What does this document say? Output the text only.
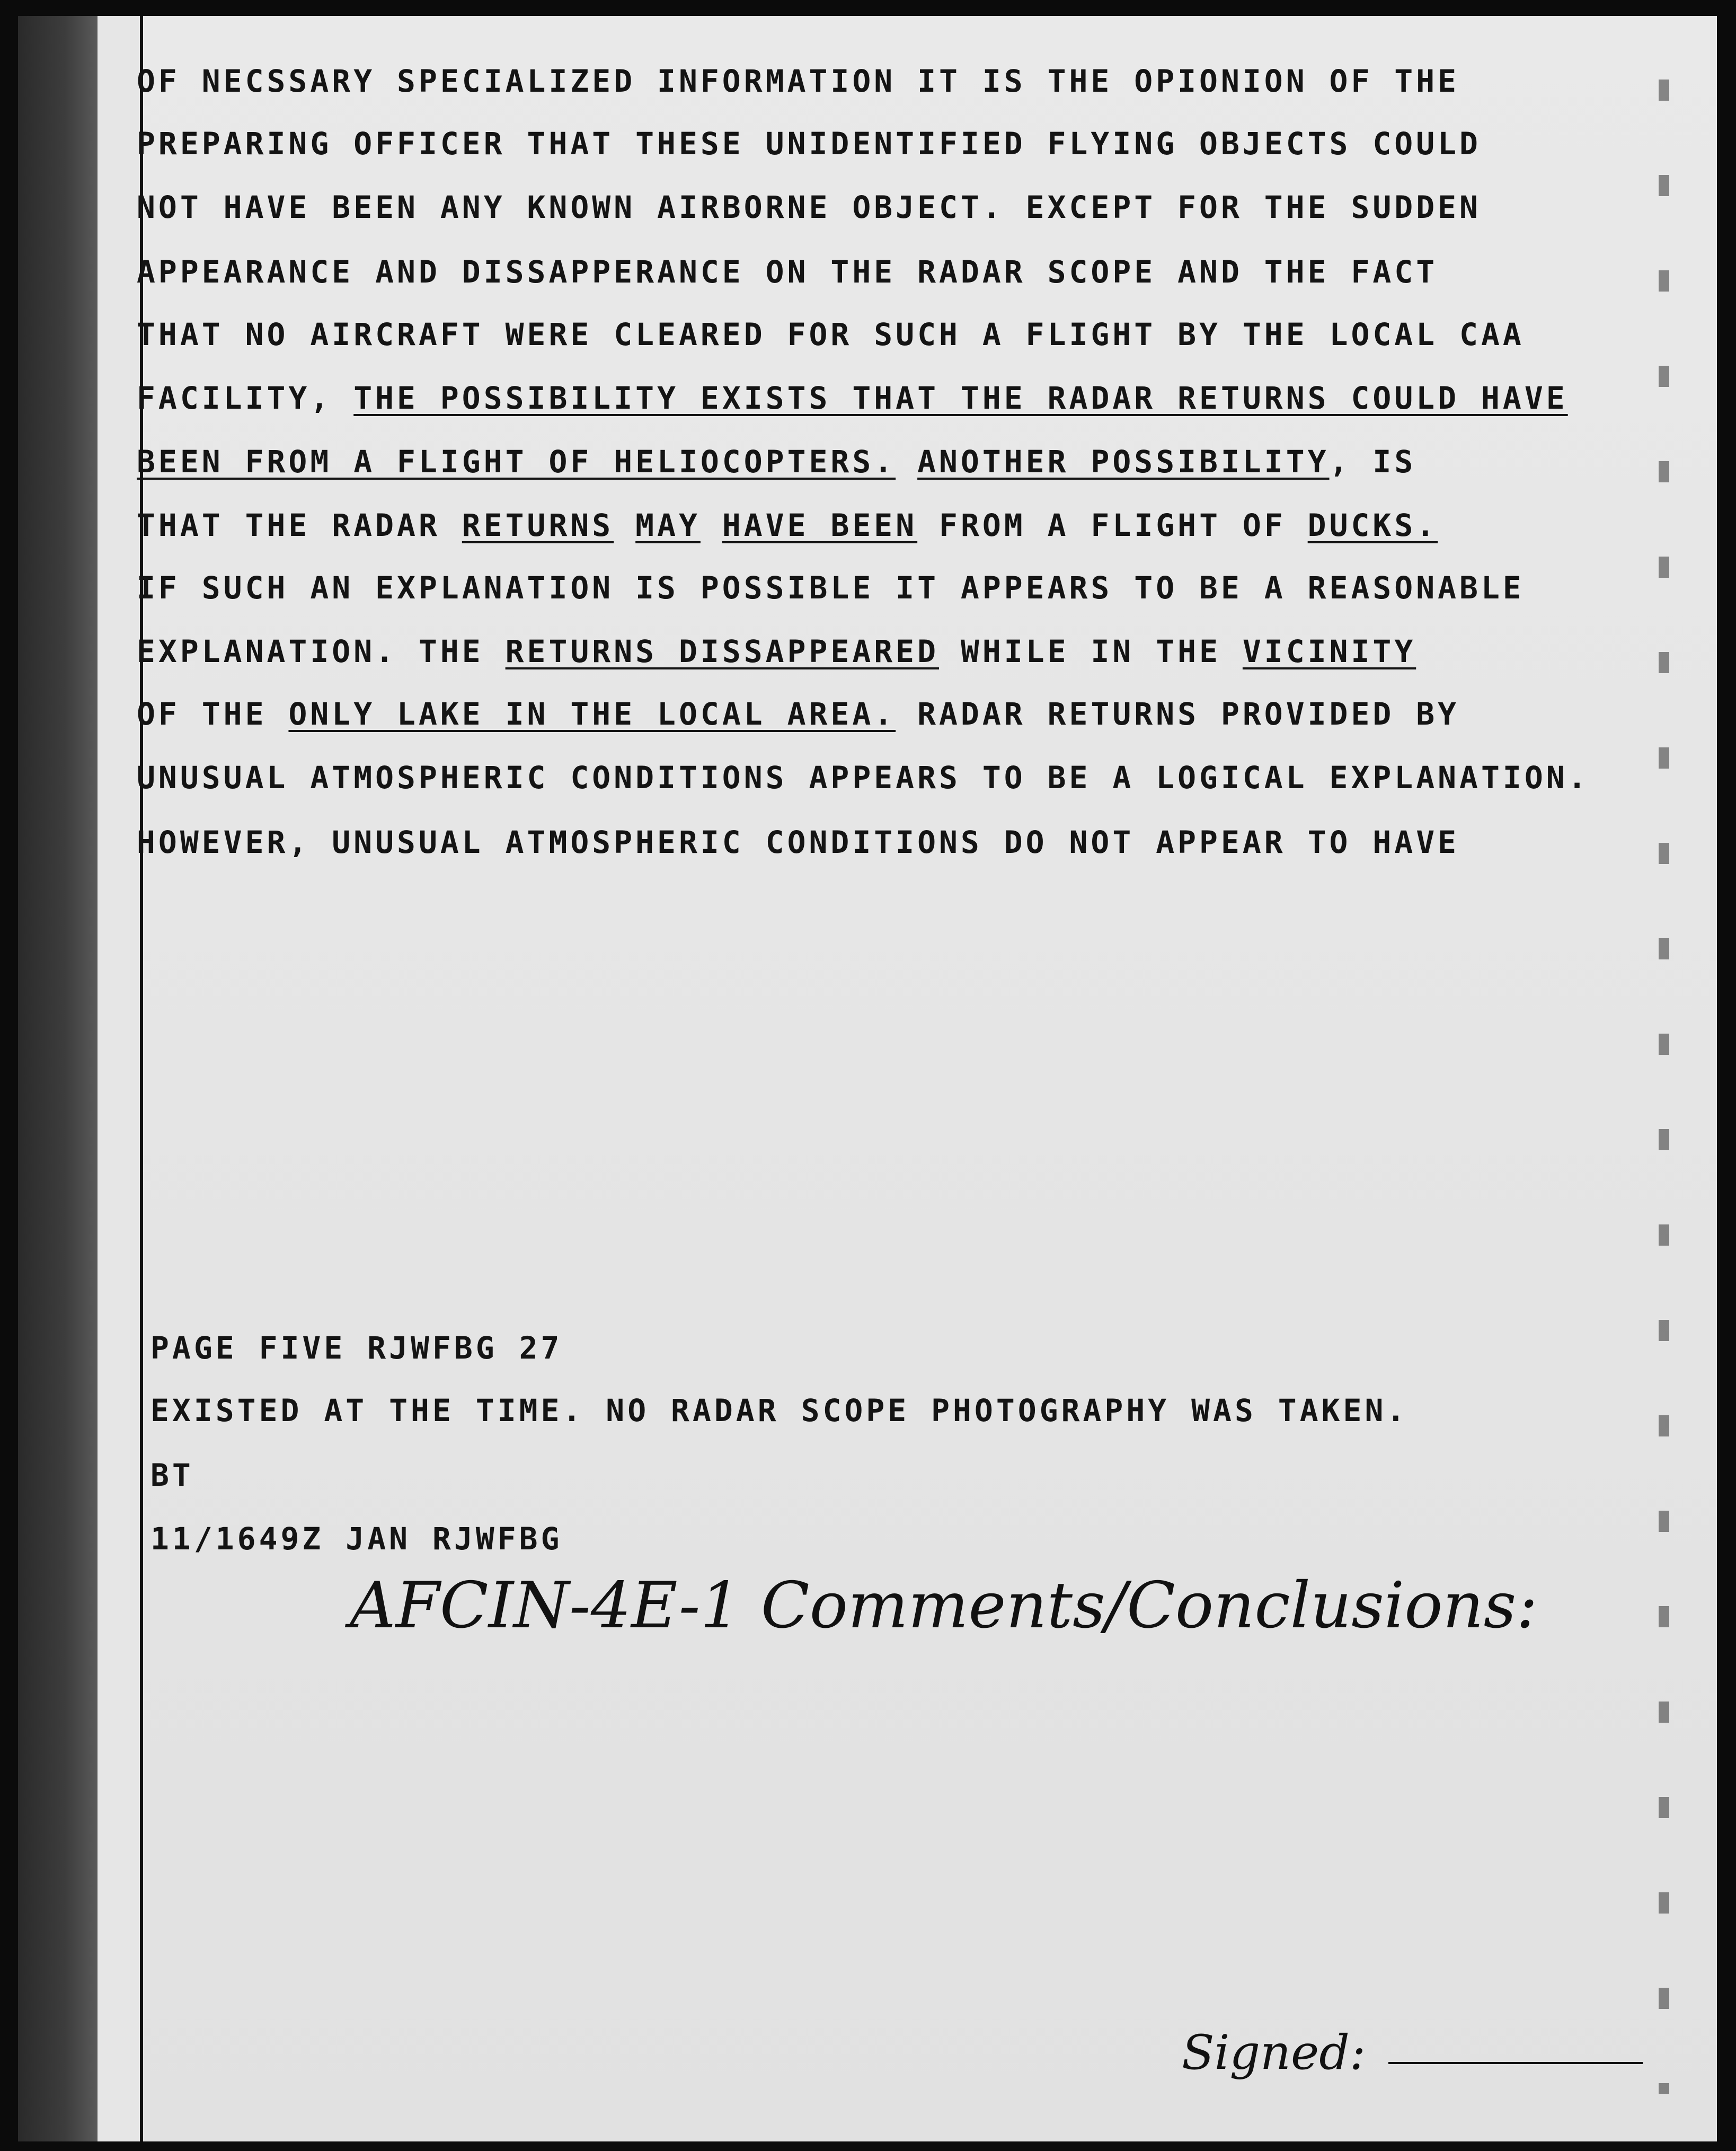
OF NECSSARY SPECIALIZED INFORMATION IT IS THE OPIONION OF THE
PREPARING OFFICER THAT THESE UNIDENTIFIED FLYING OBJECTS COULD
NOT HAVE BEEN ANY KNOWN AIRBORNE OBJECT. EXCEPT FOR THE SUDDEN
APPEARANCE AND DISSAPPERANCE ON THE RADAR SCOPE AND THE FACT
THAT NO AIRCRAFT WERE CLEARED FOR SUCH A FLIGHT BY THE LOCAL CAA
FACILITY, THE POSSIBILITY EXISTS THAT THE RADAR RETURNS COULD HAVE
BEEN FROM A FLIGHT OF HELIOCOPTERS. ANOTHER POSSIBILITY, IS
THAT THE RADAR RETURNS MAY HAVE BEEN FROM A FLIGHT OF DUCKS.
IF SUCH AN EXPLANATION IS POSSIBLE IT APPEARS TO BE A REASONABLE
EXPLANATION. THE RETURNS DISSAPPEARED WHILE IN THE VICINITY
OF THE ONLY LAKE IN THE LOCAL AREA. RADAR RETURNS PROVIDED BY
UNUSUAL ATMOSPHERIC CONDITIONS APPEARS TO BE A LOGICAL EXPLANATION.
HOWEVER, UNUSUAL ATMOSPHERIC CONDITIONS DO NOT APPEAR TO HAVE
PAGE FIVE RJWFBG 27
EXISTED AT THE TIME. NO RADAR SCOPE PHOTOGRAPHY WAS TAKEN.
BT
11/1649Z JAN RJWFBG
AFCIN-4E-1 Comments/Conclusions:
Signed:
